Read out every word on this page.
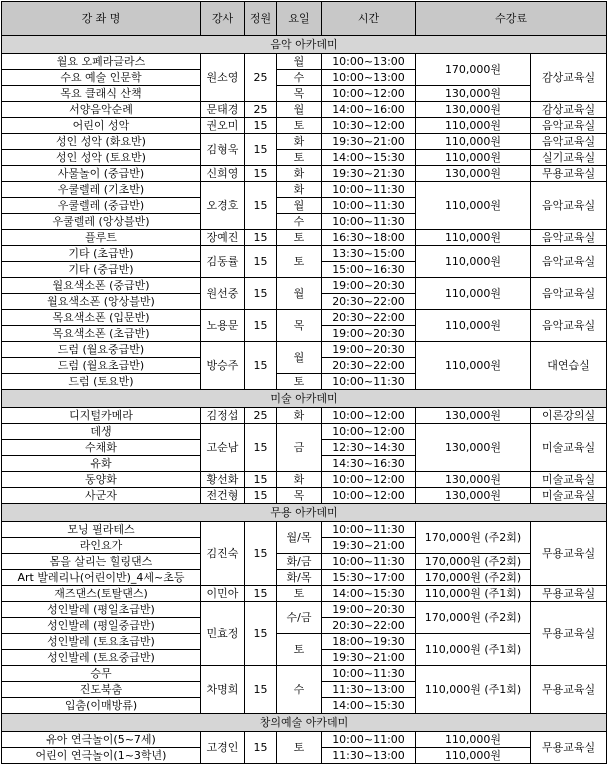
강 좌 명	강사	정원	요일	시간	수강료	
음악 아카데미						
월요 오페라글라스	원소영	25	월	10:00~13:00	170,000원	감상교육실
수요 예술 인문학			수	10:00~13:00		
목요 클래식 산책			목	10:00~12:00	130,000원	
서양음악순례	문태경	25	월	14:00~16:00	130,000원	감상교육실
어린이 성악	권오미	15	토	10:30~12:00	110,000원	음악교육실
성인 성악 (화요반)	김형욱	15	화	19:30~21:00	110,000원	음악교육실
성인 성악 (토요반)			토	14:00~15:30	110,000원	실기교육실
사물놀이 (중급반)	신희영	15	화	19:30~21:30	130,000원	무용교육실
우쿨렐레 (기초반)	오경호	15	화	10:00~11:30	110,000원	음악교육실
우쿨렐레 (중급반)			월	10:00~11:30		
우쿨렐레 (앙상블반)			수	10:00~11:30		
플루트	장예진	15	토	16:30~18:00	110,000원	음악교육실
기타 (초급반)	김동률	15	토	13:30~15:00	110,000원	음악교육실
기타 (중급반)				15:00~16:30		
월요색소폰 (중급반)	원선중	15	월	19:00~20:30	110,000원	음악교육실
월요색소폰 (앙상블반)				20:30~22:00		
목요색소폰 (입문반)	노용문	15	목	20:30~22:00	110,000원	음악교육실
목요색소폰 (초급반)				19:00~20:30		
드럼 (월요중급반)	방승주	15	월	19:00~20:30	110,000원	대연습실
드럼 (월요초급반)				20:30~22:00		
드럼 (토요반)			토	10:00~11:30		
미술 아카데미						
디지털카메라	김정섭	25	화	10:00~12:00	130,000원	이론강의실
데생	고순남	15	금	10:00~12:00	130,000원	미술교육실
수채화				12:30~14:30		
유화				14:30~16:30		
동양화	황선화	15	화	10:00~12:00	130,000원	미술교육실
사군자	전건형	15	목	10:00~12:00	130,000원	미술교육실
무용 아카데미						
모닝 필라테스	김진숙	15	월/목	10:00~11:30	170,000원 (주2회)	무용교육실
라인요가				19:30~21:00		
몸을 살리는 힐링댄스			화/금	10:00~11:30	170,000원 (주2회)	
Art 발레리나(어린이반)_4세~초등			화/목	15:30~17:00	170,000원 (주2회)	
재즈댄스(토탈댄스)	이민아	15	토	14:00~15:30	110,000원 (주1회)	무용교육실
성인발레 (평일초급반)	민효정	15	수/금	19:00~20:30	170,000원 (주2회)	무용교육실
성인발레 (평일중급반)				20:30~22:00		
성인발레 (토요초급반)			토	18:00~19:30	110,000원 (주1회)	
성인발레 (토요중급반)				19:30~21:00		
승무	차명희	15	수	10:00~11:30	110,000원 (주1회)	무용교육실
진도북춤				11:30~13:00		
입춤(이매방류)				14:00~15:30		
창의예술 아카데미						
유아 연극놀이(5~7세)	고경인	15	토	10:00~11:00	110,000원	무용교육실
어린이 연극놀이(1~3학년)				11:30~13:00	110,000원	
